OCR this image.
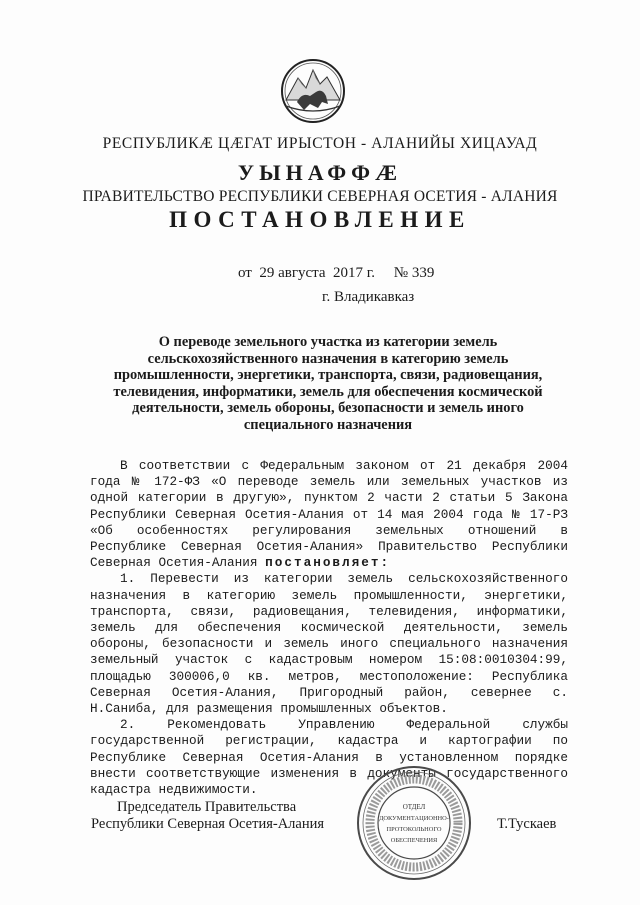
РЕСПУБЛИКӔ ЦӔГАТ ИРЫСТОН - АЛАНИЙЫ ХИЦАУАД
УЫНАФФӔ
ПРАВИТЕЛЬСТВО РЕСПУБЛИКИ СЕВЕРНАЯ ОСЕТИЯ - АЛАНИЯ
ПОСТАНОВЛЕНИЕ
от  29 августа  2017 г.     № 339
г. Владикавказ
О переводе земельного участка из категории земель сельскохозяйственного назначения в категорию земель промышленности, энергетики, транспорта, связи, радиовещания, телевидения, информатики, земель для обеспечения космической деятельности, земель обороны, безопасности и земель иного специального назначения

В соответствии с Федеральным законом от 21 декабря 2004 года № 172-ФЗ «О переводе земель или земельных участков из одной категории в другую», пунктом 2 части 2 статьи 5 Закона Республики Северная Осетия-Алания от 14 мая 2004 года № 17-РЗ «Об особенностях регулирования земельных отношений в Республике Северная Осетия-Алания» Правительство Республики Северная Осетия-Алания постановляет:

1. Перевести из категории земель сельскохозяйственного назначения в категорию земель промышленности, энергетики, транспорта, связи, радиовещания, телевидения, информатики, земель для обеспечения космической деятельности, земель обороны, безопасности и земель иного специального назначения земельный участок с кадастровым номером 15:08:0010304:99, площадью 300006,0 кв. метров, местоположение: Республика Северная Осетия-Алания, Пригородный район, севернее с. Н.Саниба, для размещения промышленных объектов.

2. Рекомендовать Управлению Федеральной службы государственной регистрации, кадастра и картографии по Республике Северная Осетия-Алания в установленном порядке внести соответствующие изменения в документы государственного кадастра недвижимости.

Председатель Правительства
Республики Северная Осетия-Алания
ОТДЕЛ
ДОКУМЕНТАЦИОННО-
ПРОТОКОЛЬНОГО
ОБЕСПЕЧЕНИЯ
Т.Тускаев
